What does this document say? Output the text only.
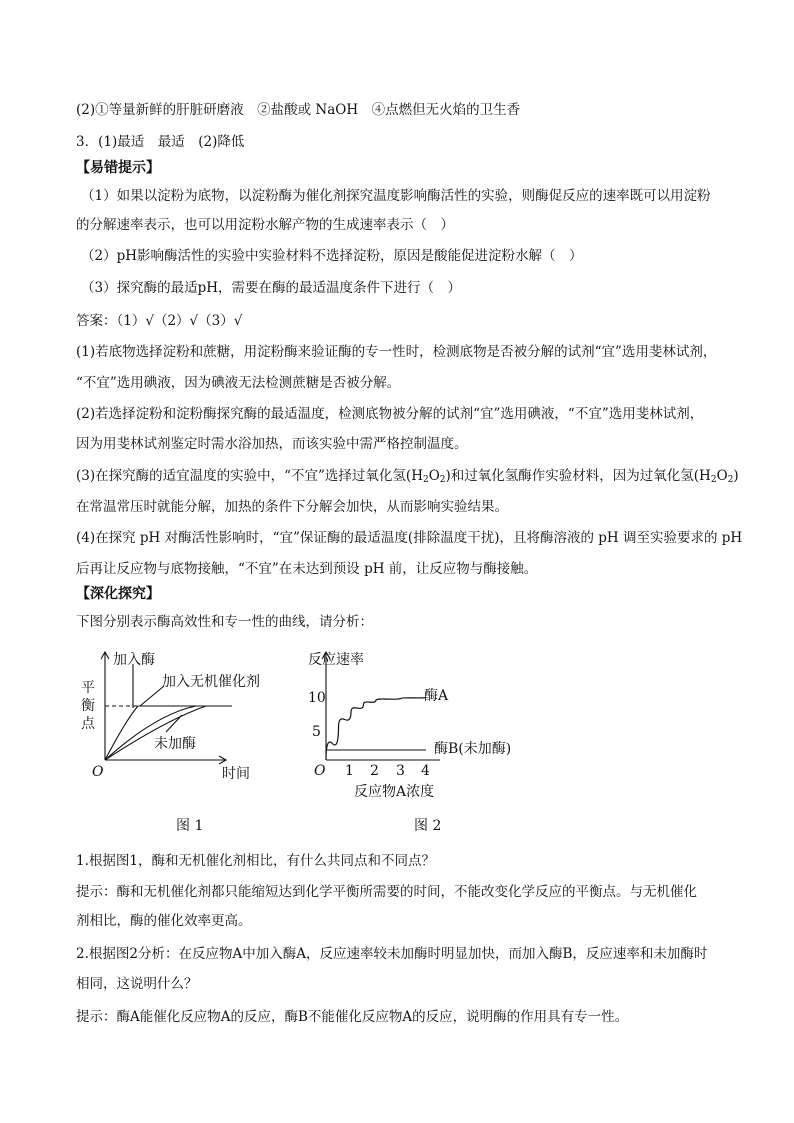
(2)①等量新鲜的肝脏研磨液　②盐酸或 NaOH　④点燃但无火焰的卫生香
3．(1)最适　最适　(2)降低
【易错提示】
（1）如果以淀粉为底物，以淀粉酶为催化剂探究温度影响酶活性的实验，则酶促反应的速率既可以用淀粉
的分解速率表示，也可以用淀粉水解产物的生成速率表示（　）
（2）pH影响酶活性的实验中实验材料不选择淀粉，原因是酸能促进淀粉水解（　）
（3）探究酶的最适pH，需要在酶的最适温度条件下进行（　）
答案：（1）√（2）√（3）√
(1)若底物选择淀粉和蔗糖，用淀粉酶来验证酶的专一性时，检测底物是否被分解的试剂“宜”选用斐林试剂，
“不宜”选用碘液，因为碘液无法检测蔗糖是否被分解。
(2)若选择淀粉和淀粉酶探究酶的最适温度，检测底物被分解的试剂“宜”选用碘液，“不宜”选用斐林试剂，
因为用斐林试剂鉴定时需水浴加热，而该实验中需严格控制温度。
(3)在探究酶的适宜温度的实验中，“不宜”选择过氧化氢$(H_2O_2)$和过氧化氢酶作实验材料，因为过氧化氢$(H_2O_2)$
在常温常压时就能分解，加热的条件下分解会加快，从而影响实验结果。
(4)在探究 pH 对酶活性影响时，“宜”保证酶的最适温度(排除温度干扰)，且将酶溶液的 pH 调至实验要求的 pH
后再让反应物与底物接触，“不宜”在未达到预设 pH 前，让反应物与酶接触。
【深化探究】
下图分别表示酶高效性和专一性的曲线，请分析：
加入酶
加入无机催化剂
未加酶
平
衡
点
O	时间
图 1
反应速率
10
5
O 1 2 3 4
反应物A浓度
酶A
酶B(未加酶)
图 2
1.根据图1，酶和无机催化剂相比，有什么共同点和不同点？
提示：酶和无机催化剂都只能缩短达到化学平衡所需要的时间，不能改变化学反应的平衡点。与无机催化
剂相比，酶的催化效率更高。
2.根据图2分析：在反应物A中加入酶A，反应速率较未加酶时明显加快，而加入酶B，反应速率和未加酶时
相同，这说明什么？
提示：酶A能催化反应物A的反应，酶B不能催化反应物A的反应，说明酶的作用具有专一性。
